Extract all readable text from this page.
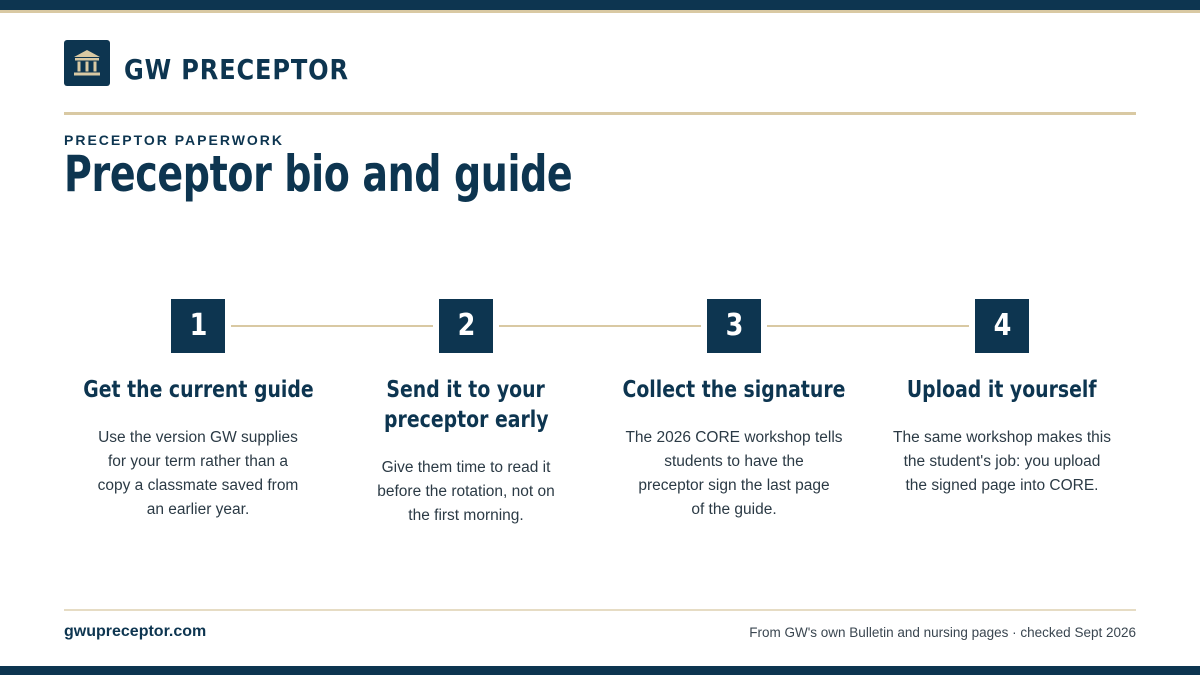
GW PRECEPTOR
PRECEPTOR PAPERWORK
Preceptor bio and guide
1
Get the current guide
Use the version GW supplies
for your term rather than a
copy a classmate saved from
an earlier year.
2
Send it to your
preceptor early
Give them time to read it
before the rotation, not on
the first morning.
3
Collect the signature
The 2026 CORE workshop tells
students to have the
preceptor sign the last page
of the guide.
4
Upload it yourself
The same workshop makes this
the student's job: you upload
the signed page into CORE.
gwupreceptor.com	From GW's own Bulletin and nursing pages · checked Sept 2026
